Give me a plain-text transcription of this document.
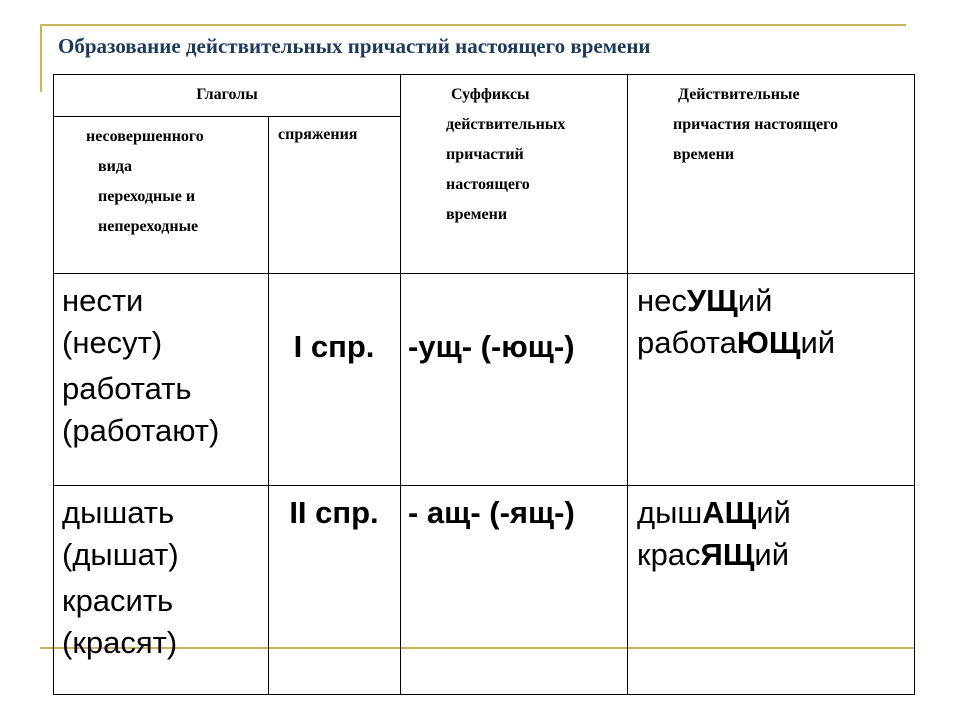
Образование действительных причастий настоящего времени
Глаголы
несовершенного
вида
переходные и
непереходные
спряжения
Суффиксы
действительных
причастий
настоящего
времени
Действительные
причастия настоящего
времени
нести
(несут)
работать
(работают)
I спр.	-ущ- (-ющ-)
несУЩий
работаЮЩий
дышать
(дышат)
красить
(красят)
II спр. - ащ- (-ящ-)	дышАЩий
красЯЩий
